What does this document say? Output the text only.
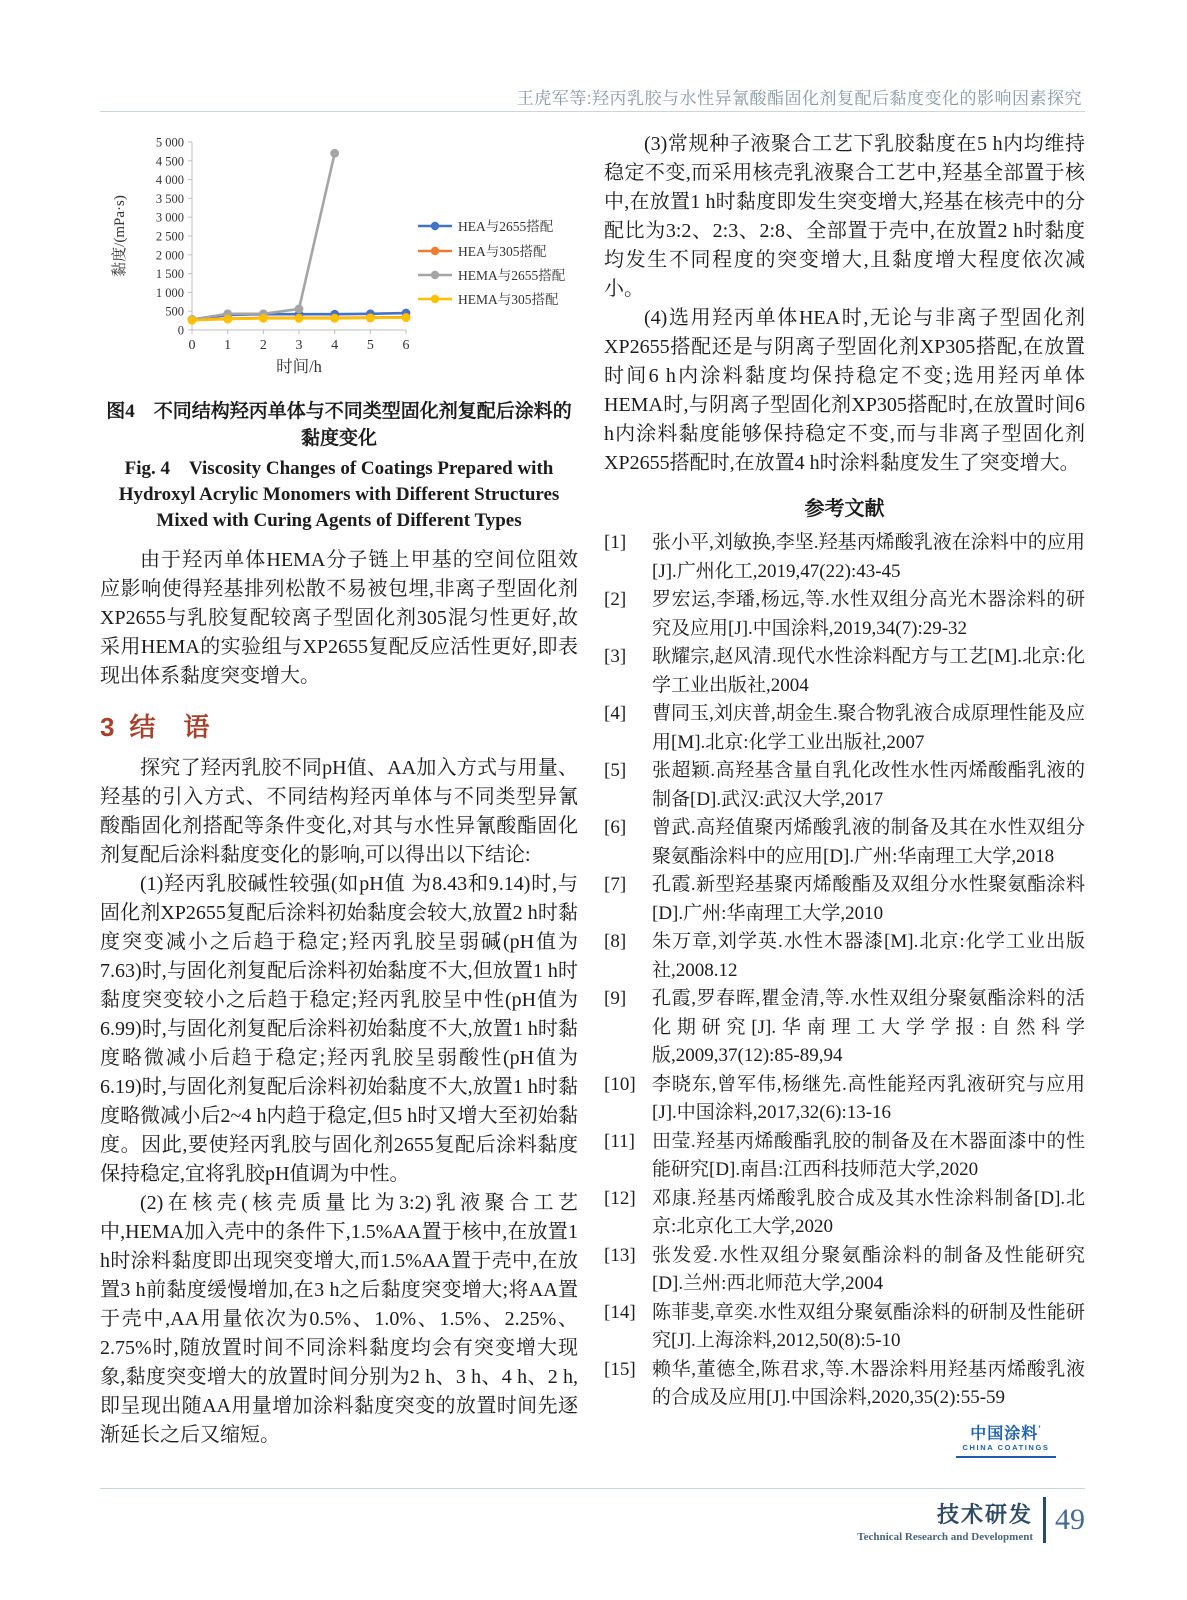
王虎军等:羟丙乳胶与水性异氰酸酯固化剂复配后黏度变化的影响因素探究
0
500
1 000
1 500
2 000
2 500
3 000
3 500
4 000
4 500
5 000
0 1 2 3 4 5 6
黏度/(mPa·s)
时间/h
HEA与2655搭配
HEA与305搭配
HEMA与2655搭配
HEMA与305搭配
图4　不同结构羟丙单体与不同类型固化剂复配后涂料的黏度变化
Fig. 4　Viscosity Changes of Coatings Prepared with Hydroxyl Acrylic Monomers with Different Structures Mixed with Curing Agents of Different Types

由于羟丙单体HEMA分子链上甲基的空间位阻效应影响使得羟基排列松散不易被包埋,非离子型固化剂XP2655与乳胶复配较离子型固化剂305混匀性更好,故采用HEMA的实验组与XP2655复配反应活性更好,即表现出体系黏度突变增大。

3 结　语

探究了羟丙乳胶不同pH值、AA加入方式与用量、羟基的引入方式、不同结构羟丙单体与不同类型异氰酸酯固化剂搭配等条件变化,对其与水性异氰酸酯固化剂复配后涂料黏度变化的影响,可以得出以下结论:

(1)羟丙乳胶碱性较强(如pH值 为8.43和9.14)时,与固化剂XP2655复配后涂料初始黏度会较大,放置2 h时黏度突变减小之后趋于稳定;羟丙乳胶呈弱碱(pH值为7.63)时,与固化剂复配后涂料初始黏度不大,但放置1 h时黏度突变较小之后趋于稳定;羟丙乳胶呈中性(pH值为6.99)时,与固化剂复配后涂料初始黏度不大,放置1 h时黏度略微减小后趋于稳定;羟丙乳胶呈弱酸性(pH值为6.19)时,与固化剂复配后涂料初始黏度不大,放置1 h时黏度略微减小后2~4 h内趋于稳定,但5 h时又增大至初始黏度。因此,要使羟丙乳胶与固化剂2655复配后涂料黏度保持稳定,宜将乳胶pH值调为中性。

(2)在核壳(核壳质量比为3:2)乳液聚合工艺中,HEMA加入壳中的条件下,1.5%AA置于核中,在放置1 h时涂料黏度即出现突变增大,而1.5%AA置于壳中,在放置3 h前黏度缓慢增加,在3 h之后黏度突变增大;将AA置于壳中,AA用量依次为0.5%、1.0%、1.5%、2.25%、2.75%时,随放置时间不同涂料黏度均会有突变增大现象,黏度突变增大的放置时间分别为2 h、3 h、4 h、2 h,即呈现出随AA用量增加涂料黏度突变的放置时间先逐渐延长之后又缩短。

(3)常规种子液聚合工艺下乳胶黏度在5 h内均维持稳定不变,而采用核壳乳液聚合工艺中,羟基全部置于核中,在放置1 h时黏度即发生突变增大,羟基在核壳中的分配比为3:2、2:3、2:8、全部置于壳中,在放置2 h时黏度均发生不同程度的突变增大,且黏度增大程度依次减小。

(4)选用羟丙单体HEA时,无论与非离子型固化剂XP2655搭配还是与阴离子型固化剂XP305搭配,在放置时间6 h内涂料黏度均保持稳定不变;选用羟丙单体HEMA时,与阴离子型固化剂XP305搭配时,在放置时间6 h内涂料黏度能够保持稳定不变,而与非离子型固化剂XP2655搭配时,在放置4 h时涂料黏度发生了突变增大。

参考文献
[1]	张小平,刘敏换,李坚.羟基丙烯酸乳液在涂料中的应用[J].广州化工,2019,47(22):43-45
[2]	罗宏运,李璠,杨远,等.水性双组分高光木器涂料的研究及应用[J].中国涂料,2019,34(7):29-32
[3]	耿耀宗,赵风清.现代水性涂料配方与工艺[M].北京:化学工业出版社,2004
[4]	曹同玉,刘庆普,胡金生.聚合物乳液合成原理性能及应用[M].北京:化学工业出版社,2007
[5]	张超颖.高羟基含量自乳化改性水性丙烯酸酯乳液的制备[D].武汉:武汉大学,2017
[6]	曾武.高羟值聚丙烯酸乳液的制备及其在水性双组分聚氨酯涂料中的应用[D].广州:华南理工大学,2018
[7]	孔霞.新型羟基聚丙烯酸酯及双组分水性聚氨酯涂料[D].广州:华南理工大学,2010
[8]	朱万章,刘学英.水性木器漆[M].北京:化学工业出版社,2008.12
[9]	孔霞,罗春晖,瞿金清,等.水性双组分聚氨酯涂料的活化期研究[J].华南理工大学学报:自然科学版,2009,37(12):85-89,94
[10] 李晓东,曾军伟,杨继先.高性能羟丙乳液研究与应用[J].中国涂料,2017,32(6):13-16
[11] 田莹.羟基丙烯酸酯乳胶的制备及在木器面漆中的性能研究[D].南昌:江西科技师范大学,2020
[12] 邓康.羟基丙烯酸乳胶合成及其水性涂料制备[D].北京:北京化工大学,2020
[13] 张发爱.水性双组分聚氨酯涂料的制备及性能研究[D].兰州:西北师范大学,2004
[14] 陈菲斐,章奕.水性双组分聚氨酯涂料的研制及性能研究[J].上海涂料,2012,50(8):5-10
[15] 赖华,董德全,陈君求,等.木器涂料用羟基丙烯酸乳液的合成及应用[J].中国涂料,2020,35(2):55-59
中国涂料’
CHINA COATINGS
技术研发
Technical Research and Development
49
